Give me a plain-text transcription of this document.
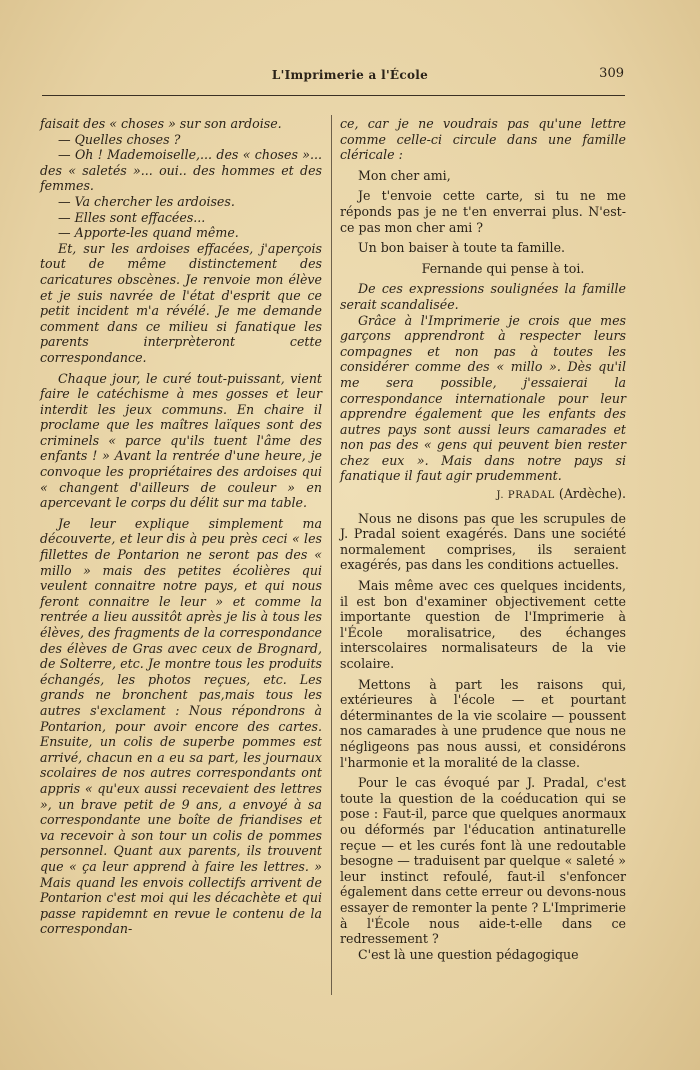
L'Imprimerie a l'École	309

faisait des « choses » sur son ardoise.

— Quelles choses ?

— Oh ! Mademoiselle,... des « choses »... des « saletés »... oui.. des hommes et des femmes.

— Va chercher les ardoises.

— Elles sont effacées...

— Apporte-les quand même.

Et, sur les ardoises effacées, j'aperçois tout de même distinctement des caricatures obscènes. Je renvoie mon élève et je suis navrée de l'état d'esprit que ce petit incident m'a révélé. Je me demande comment dans ce milieu si fanatique les parents interprèteront cette correspondance.

Chaque jour, le curé tout-puissant, vient faire le catéchisme à mes gosses et leur interdit les jeux communs. En chaire il proclame que les maîtres laïques sont des criminels « parce qu'ils tuent l'âme des enfants ! » Avant la rentrée d'une heure, je convoque les propriétaires des ardoises qui « changent d'ailleurs de couleur » en apercevant le corps du délit sur ma table.

Je leur explique simplement ma découverte, et leur dis à peu près ceci « les fillettes de Pontarion ne seront pas des « millo » mais des petites écolières qui veulent connaitre notre pays, et qui nous feront connaitre le leur » et comme la rentrée a lieu aussitôt après je lis à tous les élèves, des fragments de la correspondance des élèves de Gras avec ceux de Brognard, de Solterre, etc. Je montre tous les produits échangés, les photos reçues, etc. Les grands ne bronchent pas,mais tous les autres s'exclament : Nous répondrons à Pontarion, pour avoir encore des cartes. Ensuite, un colis de superbe pommes est arrivé, chacun en a eu sa part, les journaux scolaires de nos autres correspondants ont appris « qu'eux aussi recevaient des lettres », un brave petit de 9 ans, a envoyé à sa correspondante une boîte de friandises et va recevoir à son tour un colis de pommes personnel. Quant aux parents, ils trouvent que « ça leur apprend à faire les lettres. » Mais quand les envois collectifs arrivent de Pontarion c'est moi qui les décachète et qui passe rapidemnt en revue le contenu de la correspondan-

ce, car je ne voudrais pas qu'une lettre comme celle-ci circule dans une famille cléricale :

Mon cher ami,

Je t'envoie cette carte, si tu ne me réponds pas je ne t'en enverrai plus. N'est-ce pas mon cher ami ?

Un bon baiser à toute ta famille.

Fernande qui pense à toi.

De ces expressions soulignées la famille serait scandalisée.

Grâce à l'Imprimerie je crois que mes garçons apprendront à respecter leurs compagnes et non pas à toutes les considérer comme des « millo ». Dès qu'il me sera possible, j'essaierai la correspondance internationale pour leur apprendre également que les enfants des autres pays sont aussi leurs camarades et non pas des « gens qui peuvent bien rester chez eux ». Mais dans notre pays si fanatique il faut agir prudemment.

J. PRADAL (Ardèche).

Nous ne disons pas que les scrupules de J. Pradal soient exagérés. Dans une société normalement comprises, ils seraient exagérés, pas dans les conditions actuelles.

Mais même avec ces quelques incidents, il est bon d'examiner objectivement cette importante question de l'Imprimerie à l'École moralisatrice, des échanges interscolaires normalisateurs de la vie scolaire.

Mettons à part les raisons qui, extérieures à l'école — et pourtant déterminantes de la vie scolaire — poussent nos camarades à une prudence que nous ne négligeons pas nous aussi, et considérons l'harmonie et la moralité de la classe.

Pour le cas évoqué par J. Pradal, c'est toute la question de la coéducation qui se pose : Faut-il, parce que quelques anormaux ou déformés par l'éducation antinaturelle reçue — et les curés font là une redoutable besogne — traduisent par quelque « saleté » leur instinct refoulé, faut-il s'enfoncer également dans cette erreur ou devons-nous essayer de remonter la pente ? L'Imprimerie à l'École nous aide-t-elle dans ce redressement ?

C'est là une question pédagogique
